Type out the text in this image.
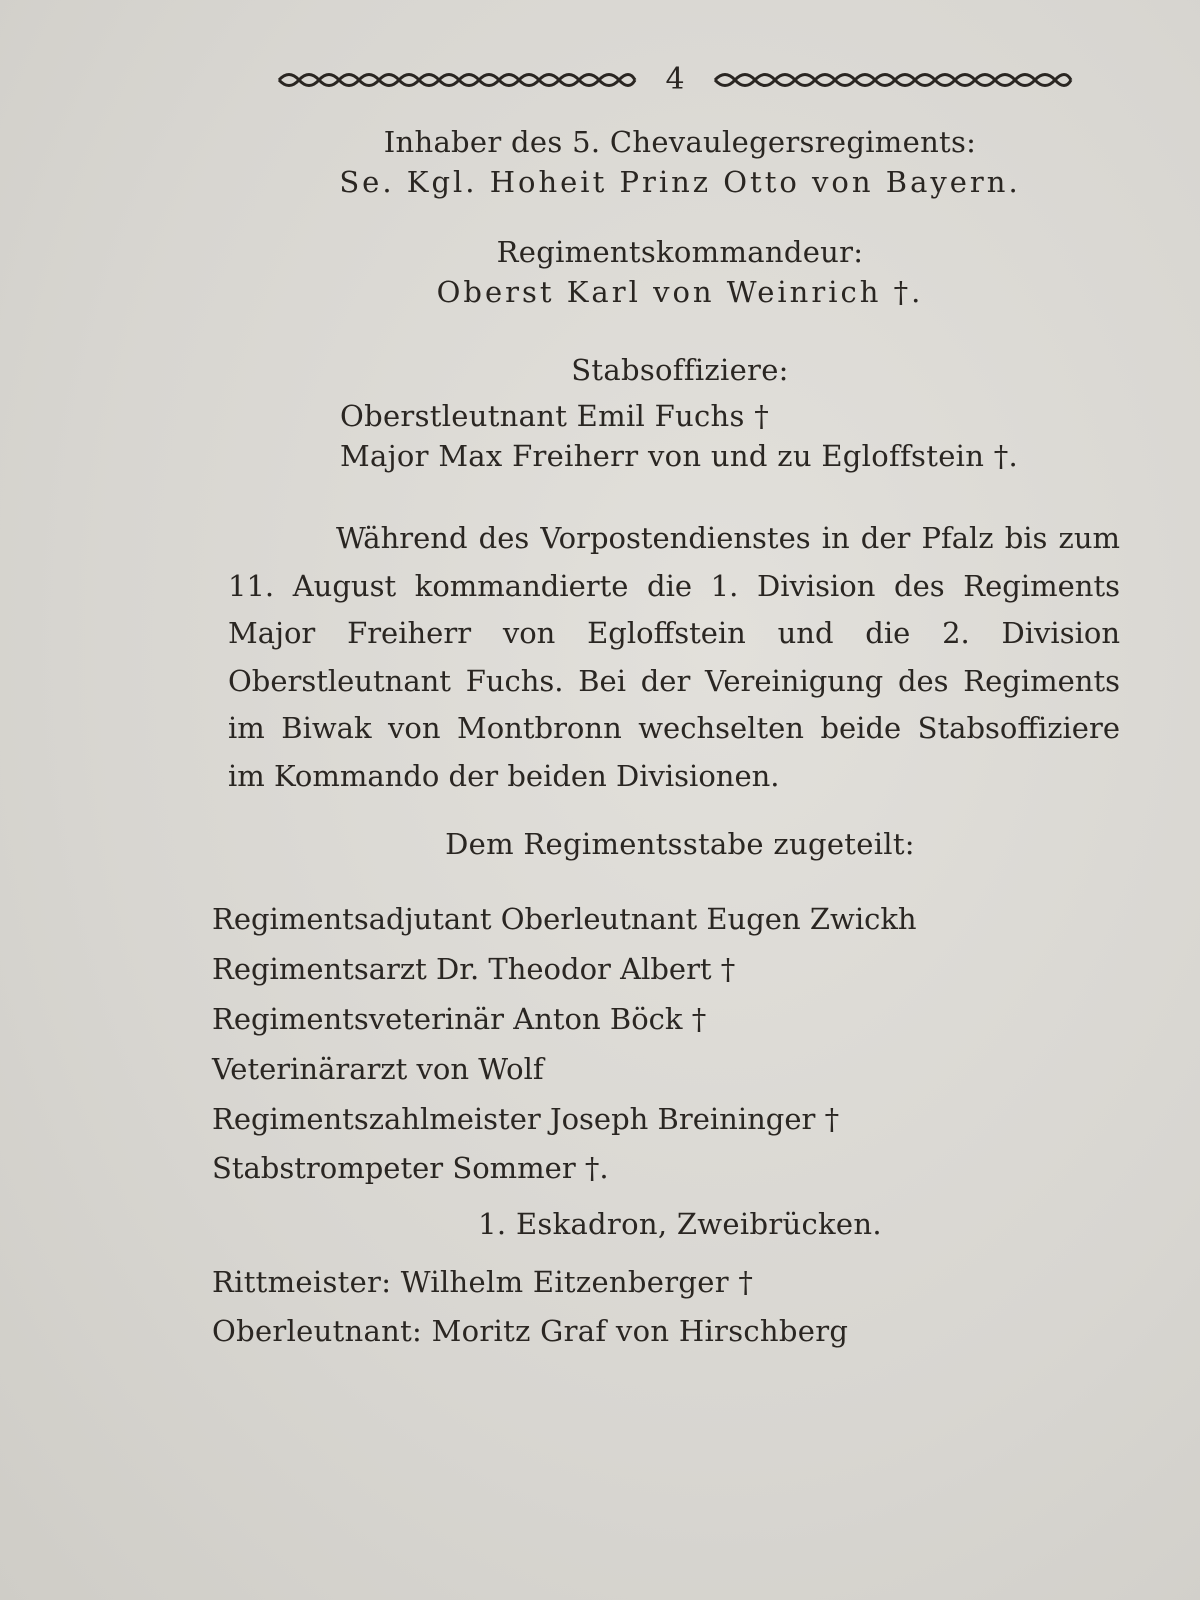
4
Inhaber des 5. Chevaulegersregiments:
Se. Kgl. Hoheit Prinz Otto von Bayern.
Regimentskommandeur:
Oberst Karl von Weinrich †.
Stabsoffiziere:
Oberstleutnant Emil Fuchs †
Major Max Freiherr von und zu Egloffstein †.
Während des Vorpostendienstes in der Pfalz bis zum 11. August kommandierte die 1. Division des Regiments Major Freiherr von Egloffstein und die 2. Division Oberstleutnant Fuchs. Bei der Vereinigung des Regiments im Biwak von Montbronn wechselten beide Stabsoffiziere im Kommando der beiden Divisionen.
Dem Regimentsstabe zugeteilt:
Regimentsadjutant Oberleutnant Eugen Zwickh
Regimentsarzt Dr. Theodor Albert †
Regimentsveterinär Anton Böck †
Veterinärarzt von Wolf
Regimentszahlmeister Joseph Breininger †
Stabstrompeter Sommer †.
1. Eskadron, Zweibrücken.
Rittmeister: Wilhelm Eitzenberger †
Oberleutnant: Moritz Graf von Hirschberg
